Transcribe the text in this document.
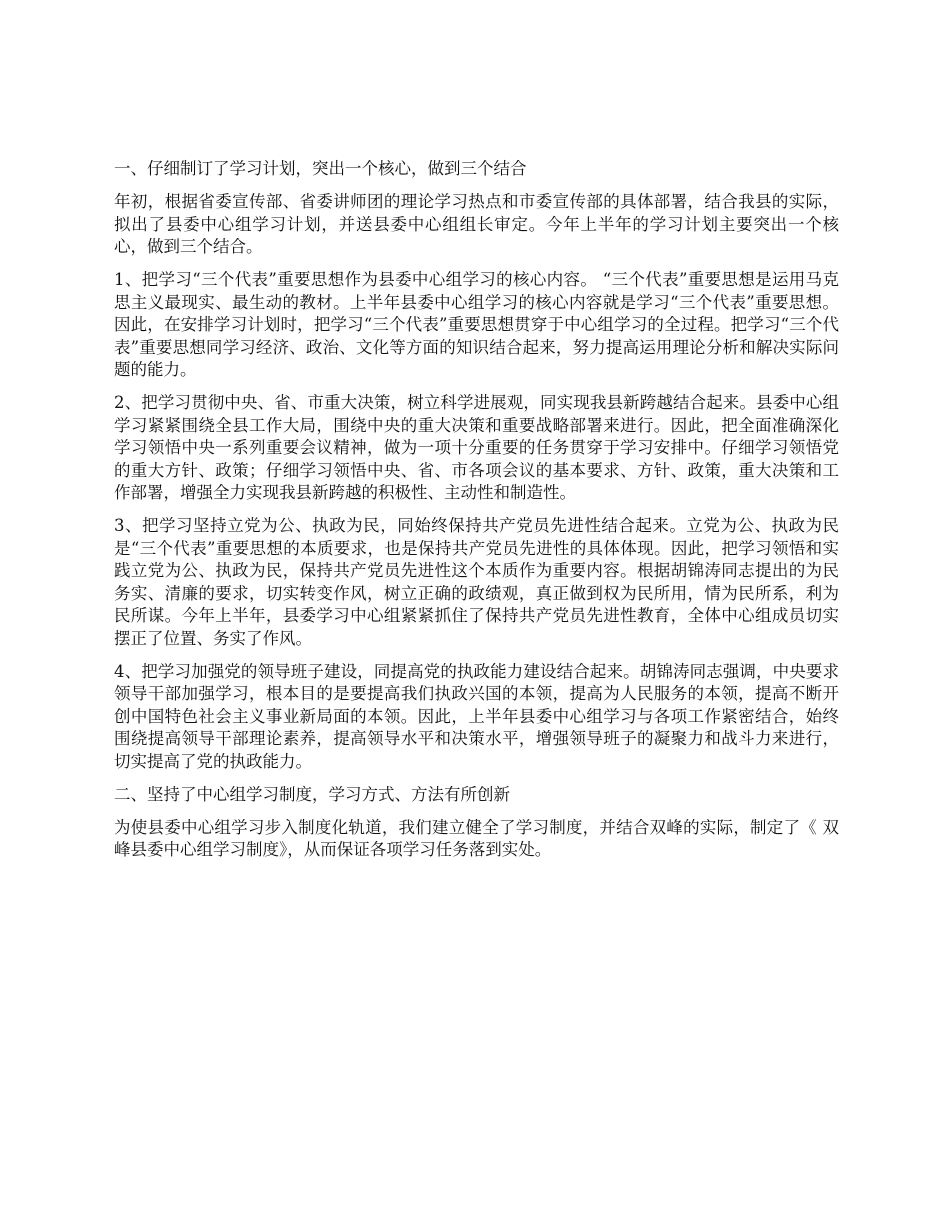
一、仔细制订了学习计划，突出一个核心，做到三个结合

年初，根据省委宣传部、省委讲师团的理论学习热点和市委宣传部的具体部署，结合我县的实际，拟出了县委中心组学习计划，并送县委中心组组长审定。今年上半年的学习计划主要突出一个核心，做到三个结合。

1、把学习“三个代表”重要思想作为县委中心组学习的核心内容。 “三个代表”重要思想是运用马克思主义最现实、最生动的教材。上半年县委中心组学习的核心内容就是学习“三个代表”重要思想。因此，在安排学习计划时，把学习“三个代表”重要思想贯穿于中心组学习的全过程。把学习“三个代表”重要思想同学习经济、政治、文化等方面的知识结合起来，努力提高运用理论分析和解决实际问题的能力。

2、把学习贯彻中央、省、市重大决策，树立科学进展观，同实现我县新跨越结合起来。县委中心组学习紧紧围绕全县工作大局，围绕中央的重大决策和重要战略部署来进行。因此，把全面准确深化学习领悟中央一系列重要会议精神，做为一项十分重要的任务贯穿于学习安排中。仔细学习领悟党的重大方针、政策；仔细学习领悟中央、省、市各项会议的基本要求、方针、政策，重大决策和工作部署，增强全力实现我县新跨越的积极性、主动性和制造性。

3、把学习坚持立党为公、执政为民，同始终保持共产党员先进性结合起来。立党为公、执政为民是“三个代表”重要思想的本质要求，也是保持共产党员先进性的具体体现。因此，把学习领悟和实践立党为公、执政为民，保持共产党员先进性这个本质作为重要内容。根据胡锦涛同志提出的为民务实、清廉的要求，切实转变作风，树立正确的政绩观，真正做到权为民所用，情为民所系，利为民所谋。今年上半年，县委学习中心组紧紧抓住了保持共产党员先进性教育，全体中心组成员切实摆正了位置、务实了作风。

4、把学习加强党的领导班子建设，同提高党的执政能力建设结合起来。胡锦涛同志强调，中央要求领导干部加强学习，根本目的是要提高我们执政兴国的本领，提高为人民服务的本领，提高不断开创中国特色社会主义事业新局面的本领。因此，上半年县委中心组学习与各项工作紧密结合，始终围绕提高领导干部理论素养，提高领导水平和决策水平，增强领导班子的凝聚力和战斗力来进行，切实提高了党的执政能力。

二、坚持了中心组学习制度，学习方式、方法有所创新

为使县委中心组学习步入制度化轨道，我们建立健全了学习制度，并结合双峰的实际，制定了《 双峰县委中心组学习制度》，从而保证各项学习任务落到实处。
